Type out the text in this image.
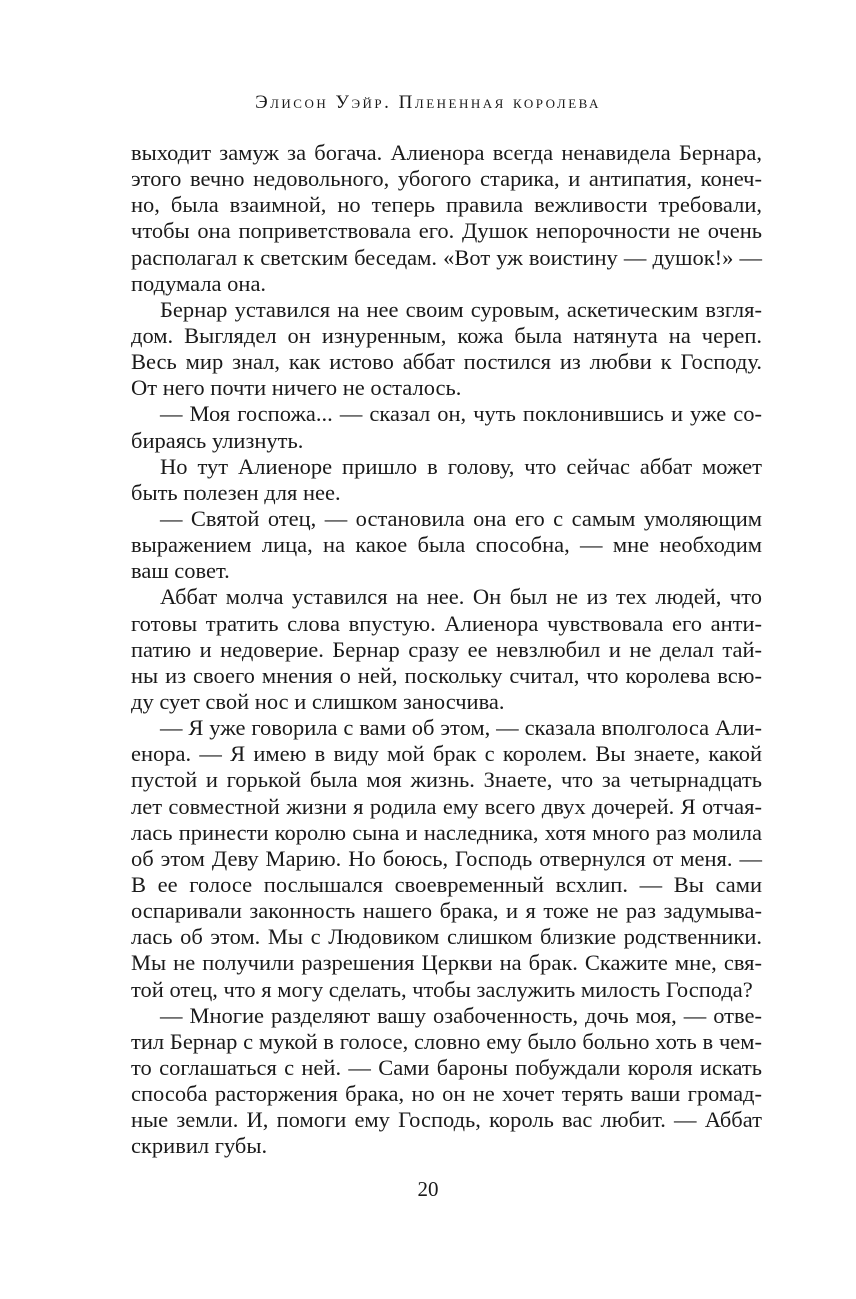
Элисон Уэйр. Плененная королева
выходит замуж за богача. Алиенора всегда ненавидела Бернара,
этого вечно недовольного, убогого старика, и антипатия, конеч-
но, была взаимной, но теперь правила вежливости требовали,
чтобы она поприветствовала его. Душок непорочности не очень
располагал к светским беседам. «Вот уж воистину — душок!» —
подумала она.
Бернар уставился на нее своим суровым, аскетическим взгля-
дом. Выглядел он изнуренным, кожа была натянута на череп.
Весь мир знал, как истово аббат постился из любви к Господу.
От него почти ничего не осталось.
— Моя госпожа... — сказал он, чуть поклонившись и уже со-
бираясь улизнуть.
Но тут Алиеноре пришло в голову, что сейчас аббат может
быть полезен для нее.
— Святой отец, — остановила она его с самым умоляющим
выражением лица, на какое была способна, — мне необходим
ваш совет.
Аббат молча уставился на нее. Он был не из тех людей, что
готовы тратить слова впустую. Алиенора чувствовала его анти-
патию и недоверие. Бернар сразу ее невзлюбил и не делал тай-
ны из своего мнения о ней, поскольку считал, что королева всю-
ду сует свой нос и слишком заносчива.
— Я уже говорила с вами об этом, — сказала вполголоса Али-
енора. — Я имею в виду мой брак с королем. Вы знаете, какой
пустой и горькой была моя жизнь. Знаете, что за четырнадцать
лет совместной жизни я родила ему всего двух дочерей. Я отчая-
лась принести королю сына и наследника, хотя много раз молила
об этом Деву Марию. Но боюсь, Господь отвернулся от меня. —
В ее голосе послышался своевременный всхлип. — Вы сами
оспаривали законность нашего брака, и я тоже не раз задумыва-
лась об этом. Мы с Людовиком слишком близкие родственники.
Мы не получили разрешения Церкви на брак. Скажите мне, свя-
той отец, что я могу сделать, чтобы заслужить милость Господа?
— Многие разделяют вашу озабоченность, дочь моя, — отве-
тил Бернар с мукой в голосе, словно ему было больно хоть в чем-
то соглашаться с ней. — Сами бароны побуждали короля искать
способа расторжения брака, но он не хочет терять ваши громад-
ные земли. И, помоги ему Господь, король вас любит. — Аббат
скривил губы.
20
